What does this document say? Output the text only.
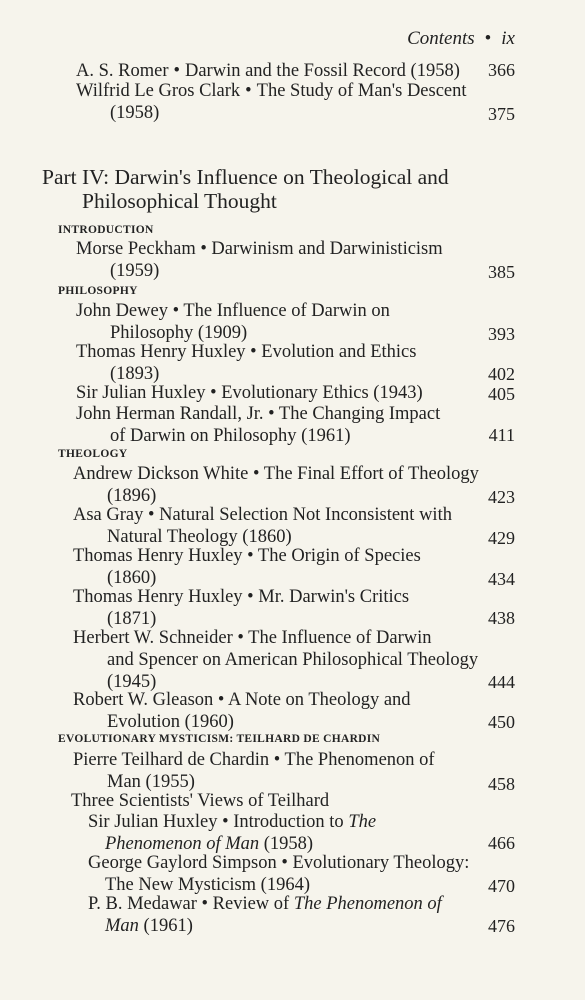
Contents • ix
A. S. Romer • Darwin and the Fossil Record (1958)	366
Wilfrid Le Gros Clark • The Study of Man's Descent
(1958)	375
Part IV: Darwin's Influence on Theological and
Philosophical Thought
INTRODUCTION
Morse Peckham • Darwinism and Darwinisticism
(1959)	385
PHILOSOPHY
John Dewey • The Influence of Darwin on
Philosophy (1909)	393
Thomas Henry Huxley • Evolution and Ethics
(1893)	402
Sir Julian Huxley • Evolutionary Ethics (1943)	405
John Herman Randall, Jr. • The Changing Impact
of Darwin on Philosophy (1961)	411
THEOLOGY
Andrew Dickson White • The Final Effort of Theology
(1896)	423
Asa Gray • Natural Selection Not Inconsistent with
Natural Theology (1860)	429
Thomas Henry Huxley • The Origin of Species
(1860)	434
Thomas Henry Huxley • Mr. Darwin's Critics
(1871)	438
Herbert W. Schneider • The Influence of Darwin
and Spencer on American Philosophical Theology
(1945)	444
Robert W. Gleason • A Note on Theology and
Evolution (1960)	450
EVOLUTIONARY MYSTICISM: TEILHARD DE CHARDIN
Pierre Teilhard de Chardin • The Phenomenon of
Man (1955)	458
Three Scientists' Views of Teilhard
Sir Julian Huxley • Introduction to The
Phenomenon of Man (1958)	466
George Gaylord Simpson • Evolutionary Theology:
The New Mysticism (1964)	470
P. B. Medawar • Review of The Phenomenon of
Man (1961)	476
